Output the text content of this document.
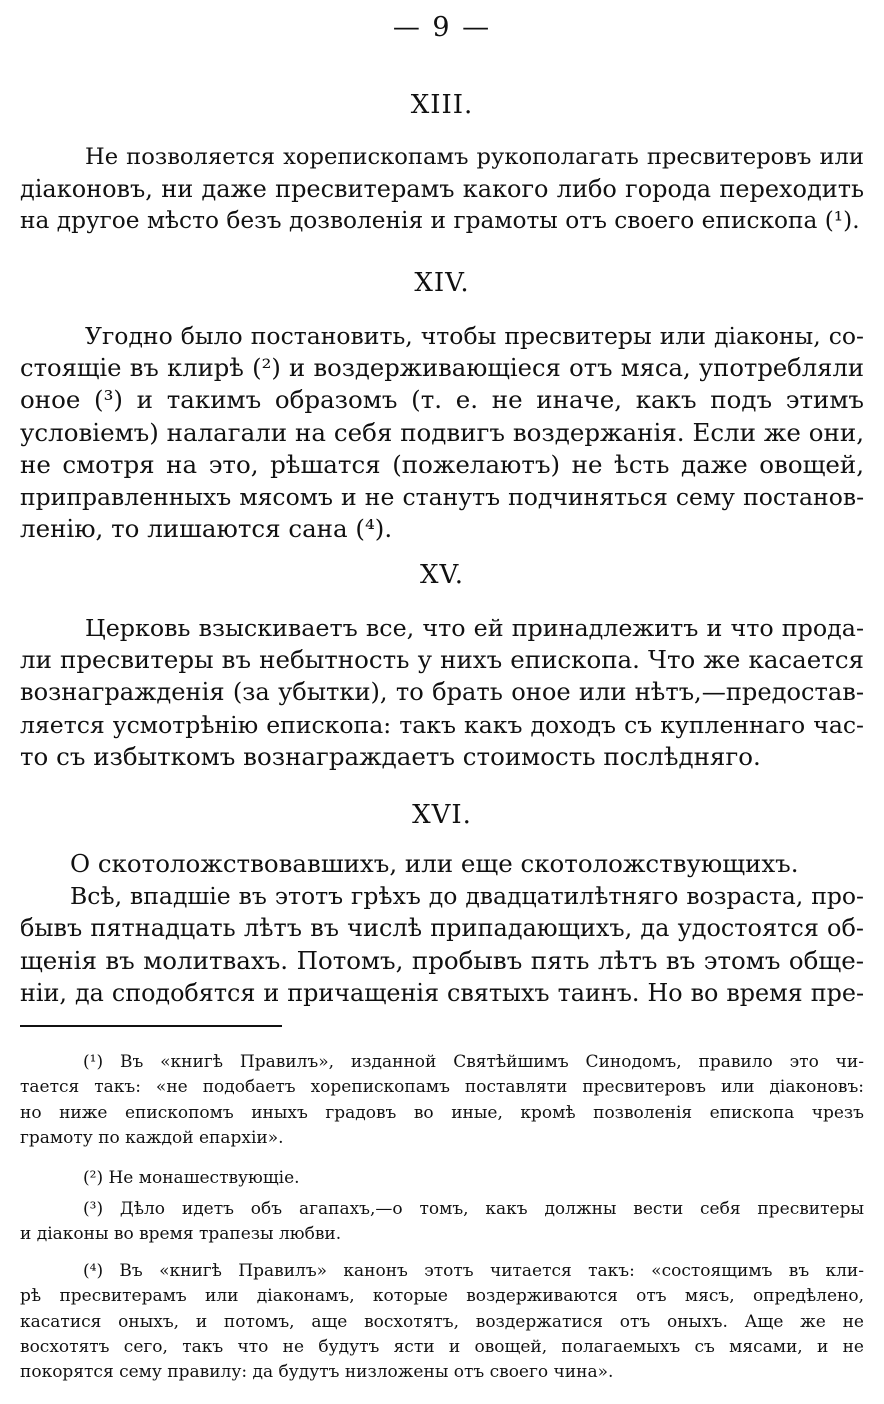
— 9 —
XIII.
Не позволяется хорепископамъ рукополагать пресвитеровъ или
діаконовъ, ни даже пресвитерамъ какого либо города переходить
на другое мѣсто безъ дозволенія и грамоты отъ своего епископа (¹).
XIV.
Угодно было постановить, чтобы пресвитеры или діаконы, со-
стоящіе въ клирѣ (²) и воздерживающіеся отъ мяса, употребляли
оное (³) и такимъ образомъ (т. е. не иначе, какъ подъ этимъ
условіемъ) налагали на себя подвигъ воздержанія. Если же они,
не смотря на это, рѣшатся (пожелаютъ) не ѣсть даже овощей,
приправленныхъ мясомъ и не станутъ подчиняться сему постанов-
ленію, то лишаются сана (⁴).
XV.
Церковь взыскиваетъ все, что ей принадлежитъ и что прода-
ли пресвитеры въ небытность у нихъ епископа. Что же касается
вознагражденія (за убытки), то брать оное или нѣтъ,—предостав-
ляется усмотрѣнію епископа: такъ какъ доходъ съ купленнаго час-
то съ избыткомъ вознаграждаетъ стоимость послѣдняго.
XVI.
О скотоложствовавшихъ, или еще скотоложствующихъ.
Всѣ, впадшіе въ этотъ грѣхъ до двадцатилѣтняго возраста, про-
бывъ пятнадцать лѣтъ въ числѣ припадающихъ, да удостоятся об-
щенія въ молитвахъ. Потомъ, пробывъ пять лѣтъ въ этомъ обще-
ніи, да сподобятся и причащенія святыхъ таинъ. Но во время пре-
(¹) Въ «книгѣ Правилъ», изданной Святѣйшимъ Синодомъ, правило это чи-
тается такъ: «не подобаетъ хорепископамъ поставляти пресвитеровъ или діаконовъ:
но ниже епископомъ иныхъ градовъ во иные, кромѣ позволенія епископа чрезъ
грамоту по каждой епархіи».
(²) Не монашествующіе.
(³) Дѣло идетъ объ агапахъ,—о томъ, какъ должны вести себя пресвитеры
и діаконы во время трапезы любви.
(⁴) Въ «книгѣ Правилъ» канонъ этотъ читается такъ: «состоящимъ въ кли-
рѣ пресвитерамъ или діаконамъ, которые воздерживаются отъ мясъ, опредѣлено,
касатися оныхъ, и потомъ, аще восхотятъ, воздержатися отъ оныхъ. Аще же не
восхотятъ сего, такъ что не будутъ ясти и овощей, полагаемыхъ съ мясами, и не
покорятся сему правилу: да будутъ низложены отъ своего чина».
